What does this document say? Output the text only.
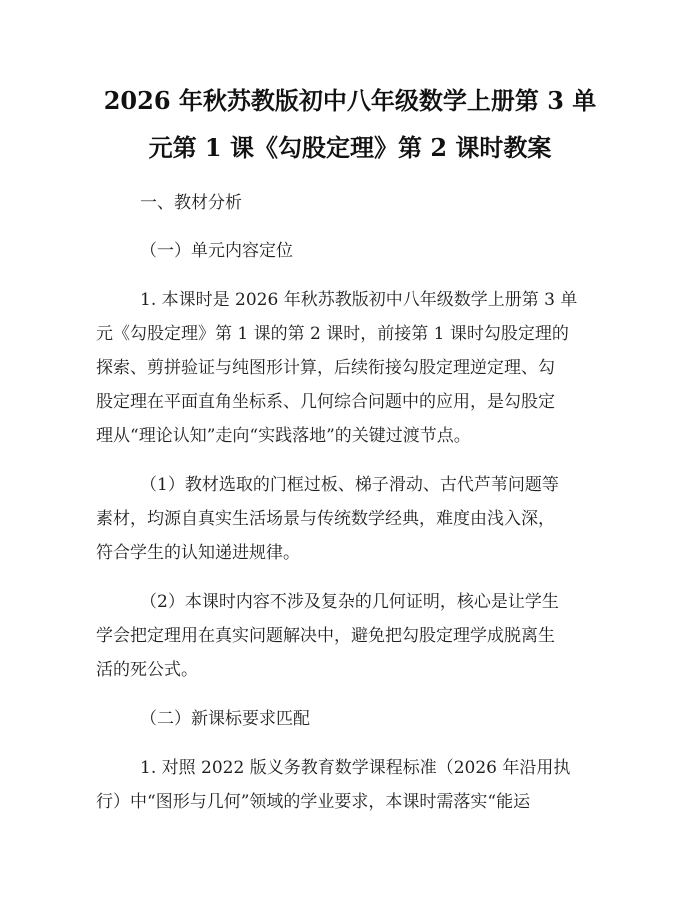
2026 年秋苏教版初中八年级数学上册第 3 单
元第 1 课《勾股定理》第 2 课时教案
一、教材分析
（一）单元内容定位
1. 本课时是 2026 年秋苏教版初中八年级数学上册第 3 单
元《勾股定理》第 1 课的第 2 课时，前接第 1 课时勾股定理的
探索、剪拼验证与纯图形计算，后续衔接勾股定理逆定理、勾
股定理在平面直角坐标系、几何综合问题中的应用，是勾股定
理从“理论认知”走向“实践落地”的关键过渡节点。
（1）教材选取的门框过板、梯子滑动、古代芦苇问题等
素材，均源自真实生活场景与传统数学经典，难度由浅入深，
符合学生的认知递进规律。
（2）本课时内容不涉及复杂的几何证明，核心是让学生
学会把定理用在真实问题解决中，避免把勾股定理学成脱离生
活的死公式。
（二）新课标要求匹配
1. 对照 2022 版义务教育数学课程标准（2026 年沿用执
行）中“图形与几何”领域的学业要求，本课时需落实“能运
